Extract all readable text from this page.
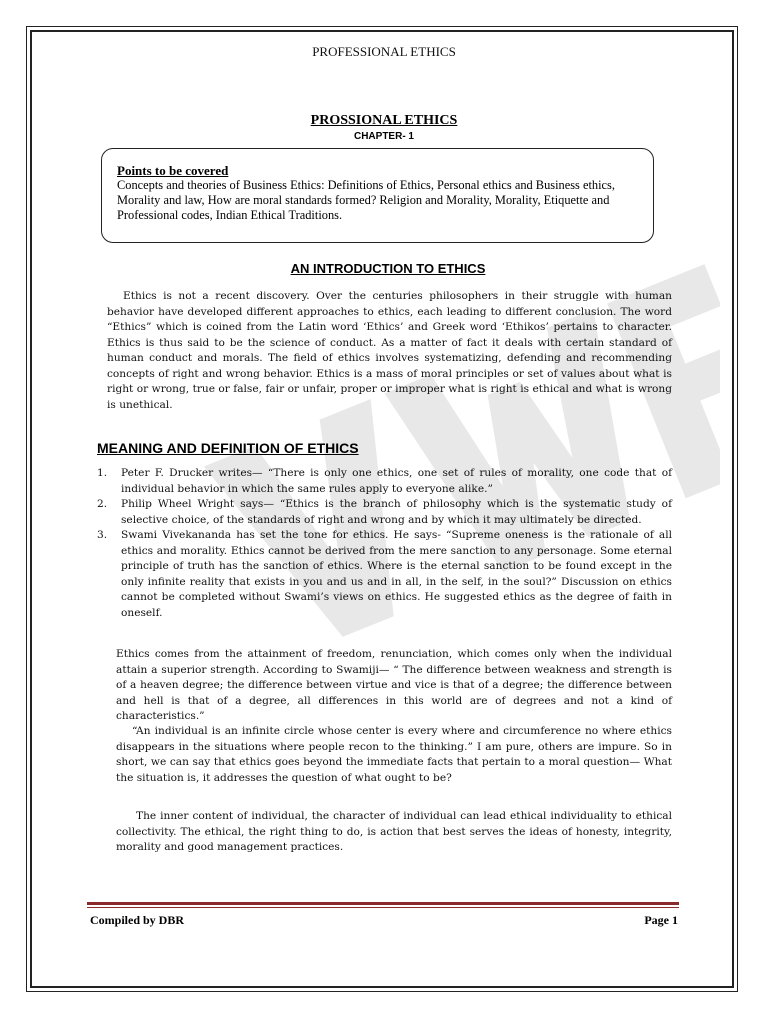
PROFESSIONAL ETHICS
PROSSIONAL ETHICS
CHAPTER- 1
Points to be covered
Concepts and theories of Business Ethics: Definitions of Ethics, Personal ethics and Business ethics, Morality and law, How are moral standards formed? Religion and Morality, Morality, Etiquette and Professional codes, Indian Ethical Traditions.
AN INTRODUCTION TO ETHICS
Ethics is not a recent discovery. Over the centuries philosophers in their struggle with human behavior have developed different approaches to ethics, each leading to different conclusion. The word “Ethics” which is coined from the Latin word ‘Ethics’ and Greek word ‘Ethikos’ pertains to character. Ethics is thus said to be the science of conduct. As a matter of fact it deals with certain standard of human conduct and morals. The field of ethics involves systematizing, defending and recommending concepts of right and wrong behavior. Ethics is a mass of moral principles or set of values about what is right or wrong, true or false, fair or unfair, proper or improper what is right is ethical and what is wrong is unethical.
MEANING AND DEFINITION OF ETHICS
1. Peter F. Drucker writes— “There is only one ethics, one set of rules of morality, one code that of individual behavior in which the same rules apply to everyone alike.”
2. Philip Wheel Wright says— “Ethics is the branch of philosophy which is the systematic study of selective choice, of the standards of right and wrong and by which it may ultimately be directed.
3. Swami Vivekananda has set the tone for ethics. He says- “Supreme oneness is the rationale of all ethics and morality. Ethics cannot be derived from the mere sanction to any personage. Some eternal principle of truth has the sanction of ethics. Where is the eternal sanction to be found except in the only infinite reality that exists in you and us and in all, in the self, in the soul?” Discussion on ethics cannot be completed without Swami’s views on ethics. He suggested ethics as the degree of faith in oneself.
Ethics comes from the attainment of freedom, renunciation, which comes only when the individual attain a superior strength. According to Swamiji— “ The difference between weakness and strength is of a heaven degree; the difference between virtue and vice is that of a degree; the difference between and hell is that of a degree, all differences in this world are of degrees and not a kind of characteristics.”
“An individual is an infinite circle whose center is every where and circumference no where ethics disappears in the situations where people recon to the thinking.” I am pure, others are impure. So in short, we can say that ethics goes beyond the immediate facts that pertain to a moral question— What the situation is, it addresses the question of what ought to be?
The inner content of individual, the character of individual can lead ethical individuality to ethical collectivity. The ethical, the right thing to do, is action that best serves the ideas of honesty, integrity, morality and good management practices.
Compiled by DBR	Page 1
